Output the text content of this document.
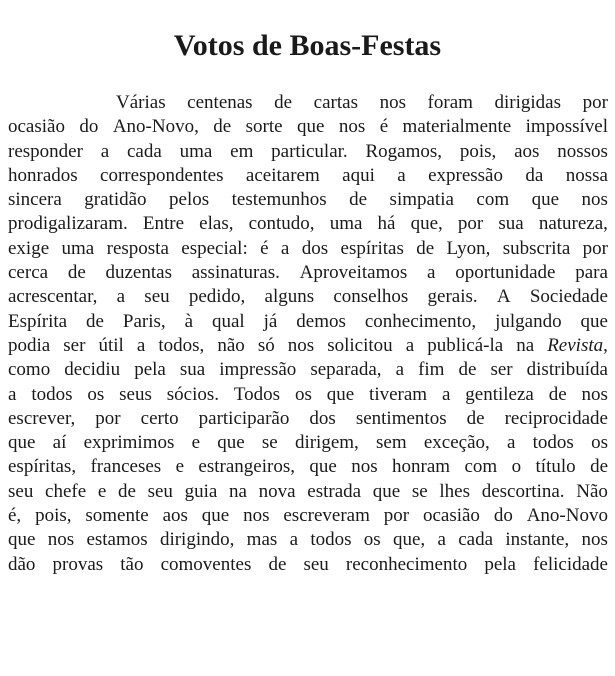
Votos de Boas-Festas
Várias centenas de cartas nos foram dirigidas por
ocasião do Ano-Novo, de sorte que nos é materialmente impossível
responder a cada uma em particular. Rogamos, pois, aos nossos
honrados correspondentes aceitarem aqui a expressão da nossa
sincera gratidão pelos testemunhos de simpatia com que nos
prodigalizaram. Entre elas, contudo, uma há que, por sua natureza,
exige uma resposta especial: é a dos espíritas de Lyon, subscrita por
cerca de duzentas assinaturas. Aproveitamos a oportunidade para
acrescentar, a seu pedido, alguns conselhos gerais. A Sociedade
Espírita de Paris, à qual já demos conhecimento, julgando que
podia ser útil a todos, não só nos solicitou a publicá-la na Revista,
como decidiu pela sua impressão separada, a fim de ser distribuída
a todos os seus sócios. Todos os que tiveram a gentileza de nos
escrever, por certo participarão dos sentimentos de reciprocidade
que aí exprimimos e que se dirigem, sem exceção, a todos os
espíritas, franceses e estrangeiros, que nos honram com o título de
seu chefe e de seu guia na nova estrada que se lhes descortina. Não
é, pois, somente aos que nos escreveram por ocasião do Ano-Novo
que nos estamos dirigindo, mas a todos os que, a cada instante, nos
dão provas tão comoventes de seu reconhecimento pela felicidade
